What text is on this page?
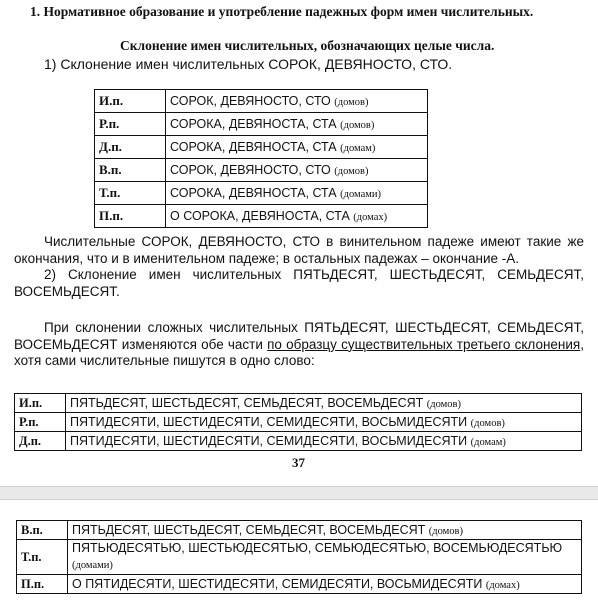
1. Нормативное образование и употребление падежных форм имен числительных.
Склонение имен числительных, обозначающих целые числа.
1) Склонение имен числительных СОРОК, ДЕВЯНОСТО, СТО.
И.п.	СОРОК, ДЕВЯНОСТО, СТО (домов)
Р.п.	СОРОКА, ДЕВЯНОСТА, СТА (домов)
Д.п.	СОРОКА, ДЕВЯНОСТА, СТА (домам)
В.п.	СОРОК, ДЕВЯНОСТО, СТО (домов)
Т.п.	СОРОКА, ДЕВЯНОСТА, СТА (домами)
П.п.	О СОРОКА, ДЕВЯНОСТА, СТА (домах)

Числительные СОРОК, ДЕВЯНОСТО, СТО в винительном падеже имеют такие же окончания, что и в именительном падеже; в остальных падежах – окончание -А.

2) Склонение имен числительных ПЯТЬДЕСЯТ, ШЕСТЬДЕСЯТ, СЕМЬДЕСЯТ, ВОСЕМЬДЕСЯТ.

При склонении сложных числительных ПЯТЬДЕСЯТ, ШЕСТЬДЕСЯТ, СЕМЬДЕСЯТ, ВОСЕМЬДЕСЯТ изменяются обе части по образцу существительных третьего склонения, хотя сами числительные пишутся в одно слово:

И.п.	ПЯТЬДЕСЯТ, ШЕСТЬДЕСЯТ, СЕМЬДЕСЯТ, ВОСЕМЬДЕСЯТ (домов)
Р.п.	ПЯТИДЕСЯТИ, ШЕСТИДЕСЯТИ, СЕМИДЕСЯТИ, ВОСЬМИДЕСЯТИ (домов)
Д.п.	ПЯТИДЕСЯТИ, ШЕСТИДЕСЯТИ, СЕМИДЕСЯТИ, ВОСЬМИДЕСЯТИ (домам)
37
В.п.	ПЯТЬДЕСЯТ, ШЕСТЬДЕСЯТ, СЕМЬДЕСЯТ, ВОСЕМЬДЕСЯТ (домов)
Т.п.	ПЯТЬЮДЕСЯТЬЮ, ШЕСТЬЮДЕСЯТЬЮ, СЕМЬЮДЕСЯТЬЮ, ВОСЕМЬЮДЕСЯТЬЮ (домами)
П.п.	О ПЯТИДЕСЯТИ, ШЕСТИДЕСЯТИ, СЕМИДЕСЯТИ, ВОСЬМИДЕСЯТИ (домах)
